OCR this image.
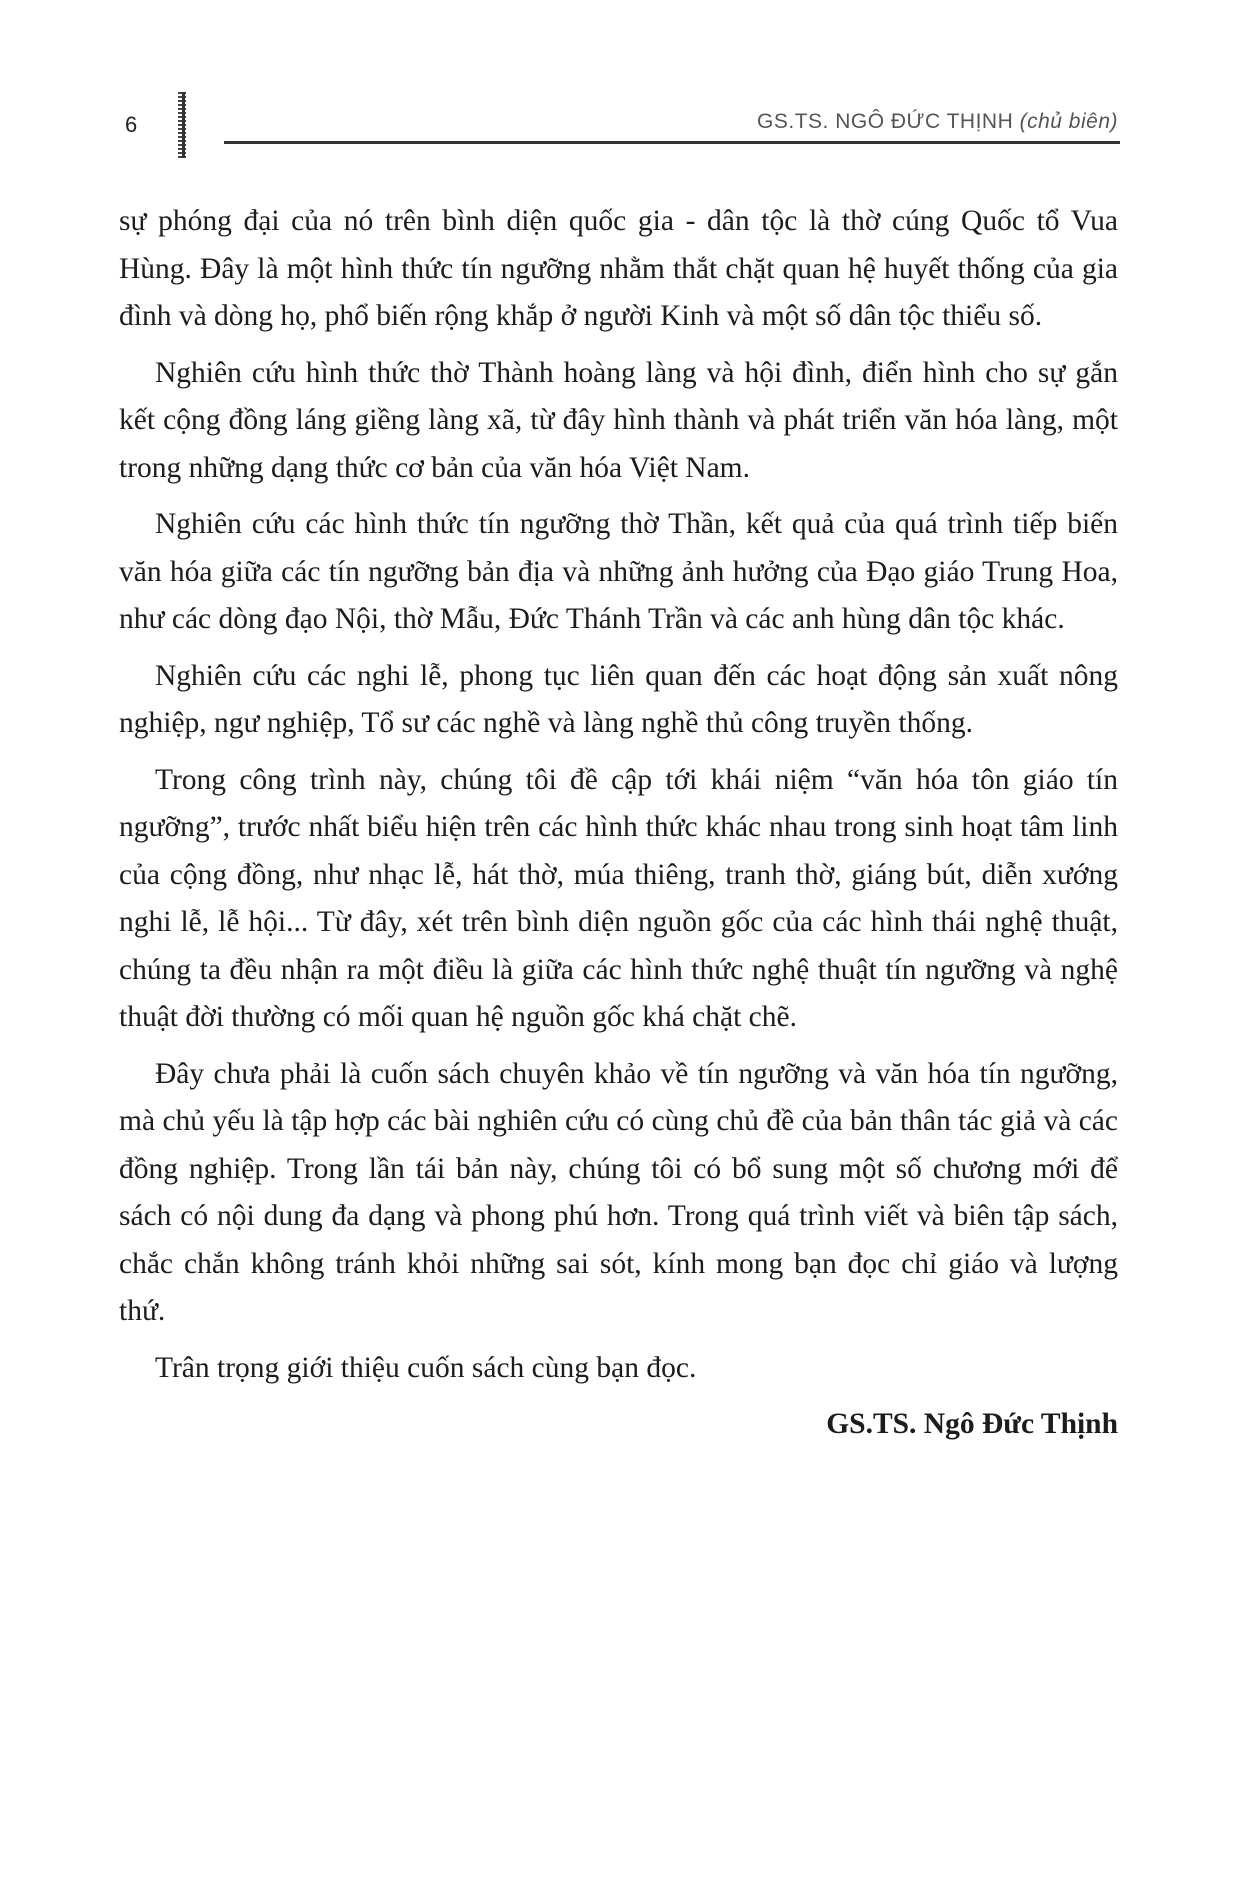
6	GS.TS. NGÔ ĐỨC THỊNH (chủ biên)

sự phóng đại của nó trên bình diện quốc gia - dân tộc là thờ cúng Quốc tổ Vua Hùng. Đây là một hình thức tín ngưỡng nhằm thắt chặt quan hệ huyết thống của gia đình và dòng họ, phổ biến rộng khắp ở người Kinh và một số dân tộc thiểu số.

Nghiên cứu hình thức thờ Thành hoàng làng và hội đình, điển hình cho sự gắn kết cộng đồng láng giềng làng xã, từ đây hình thành và phát triển văn hóa làng, một trong những dạng thức cơ bản của văn hóa Việt Nam.

Nghiên cứu các hình thức tín ngưỡng thờ Thần, kết quả của quá trình tiếp biến văn hóa giữa các tín ngưỡng bản địa và những ảnh hưởng của Đạo giáo Trung Hoa, như các dòng đạo Nội, thờ Mẫu, Đức Thánh Trần và các anh hùng dân tộc khác.

Nghiên cứu các nghi lễ, phong tục liên quan đến các hoạt động sản xuất nông nghiệp, ngư nghiệp, Tổ sư các nghề và làng nghề thủ công truyền thống.

Trong công trình này, chúng tôi đề cập tới khái niệm “văn hóa tôn giáo tín ngưỡng”, trước nhất biểu hiện trên các hình thức khác nhau trong sinh hoạt tâm linh của cộng đồng, như nhạc lễ, hát thờ, múa thiêng, tranh thờ, giáng bút, diễn xướng nghi lễ, lễ hội... Từ đây, xét trên bình diện nguồn gốc của các hình thái nghệ thuật, chúng ta đều nhận ra một điều là giữa các hình thức nghệ thuật tín ngưỡng và nghệ thuật đời thường có mối quan hệ nguồn gốc khá chặt chẽ.

Đây chưa phải là cuốn sách chuyên khảo về tín ngưỡng và văn hóa tín ngưỡng, mà chủ yếu là tập hợp các bài nghiên cứu có cùng chủ đề của bản thân tác giả và các đồng nghiệp. Trong lần tái bản này, chúng tôi có bổ sung một số chương mới để sách có nội dung đa dạng và phong phú hơn. Trong quá trình viết và biên tập sách, chắc chắn không tránh khỏi những sai sót, kính mong bạn đọc chỉ giáo và lượng thứ.

Trân trọng giới thiệu cuốn sách cùng bạn đọc.

GS.TS. Ngô Đức Thịnh
